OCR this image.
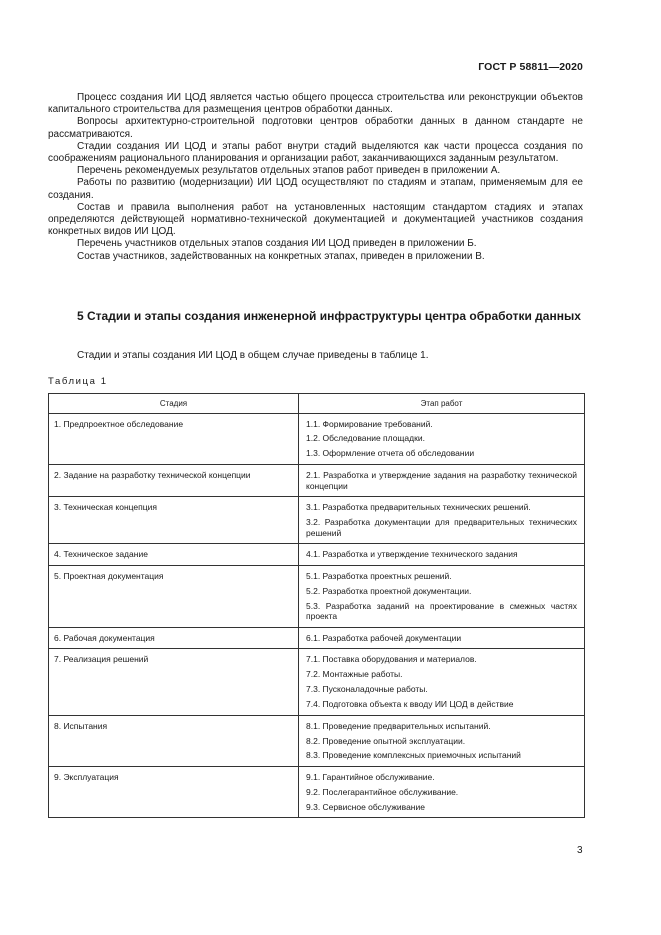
ГОСТ Р 58811—2020

Процесс создания ИИ ЦОД является частью общего процесса строительства или реконструкции объектов капитального строительства для размещения центров обработки данных.

Вопросы архитектурно-строительной подготовки центров обработки данных в данном стандарте не рассматриваются.

Стадии создания ИИ ЦОД и этапы работ внутри стадий выделяются как части процесса создания по соображениям рационального планирования и организации работ, заканчивающихся заданным результатом.

Перечень рекомендуемых результатов отдельных этапов работ приведен в приложении А.

Работы по развитию (модернизации) ИИ ЦОД осуществляют по стадиям и этапам, применяемым для ее создания.

Состав и правила выполнения работ на установленных настоящим стандартом стадиях и этапах определяются действующей нормативно-технической документацией и документацией участников создания конкретных видов ИИ ЦОД.

Перечень участников отдельных этапов создания ИИ ЦОД приведен в приложении Б.

Состав участников, задействованных на конкретных этапах, приведен в приложении В.

5 Стадии и этапы создания инженерной инфраструктуры центра обработки данных
Стадии и этапы создания ИИ ЦОД в общем случае приведены в таблице 1.
Таблица 1
Стадия	Этап работ
1. Предпроектное обследование	1.1. Формирование требований.
1.2. Обследование площадки.
1.3. Оформление отчета об обследовании

2. Задание на разработку технической концепции	2.1. Разработка и утверждение задания на разработку технической концепции

3. Техническая концепция	3.1. Разработка предварительных технических решений.
3.2. Разработка документации для предварительных технических решений

4. Техническое задание	4.1. Разработка и утверждение технического задания

5. Проектная документация	5.1. Разработка проектных решений.
5.2. Разработка проектной документации.
5.3. Разработка заданий на проектирование в смежных частях проекта

6. Рабочая документация	6.1. Разработка рабочей документации

7. Реализация решений	7.1. Поставка оборудования и материалов.
7.2. Монтажные работы.
7.3. Пусконаладочные работы.
7.4. Подготовка объекта к вводу ИИ ЦОД в действие

8. Испытания	8.1. Проведение предварительных испытаний.
8.2. Проведение опытной эксплуатации.
8.3. Проведение комплексных приемочных испытаний

9. Эксплуатация	9.1. Гарантийное обслуживание.
9.2. Послегарантийное обслуживание.
9.3. Сервисное обслуживание
3
